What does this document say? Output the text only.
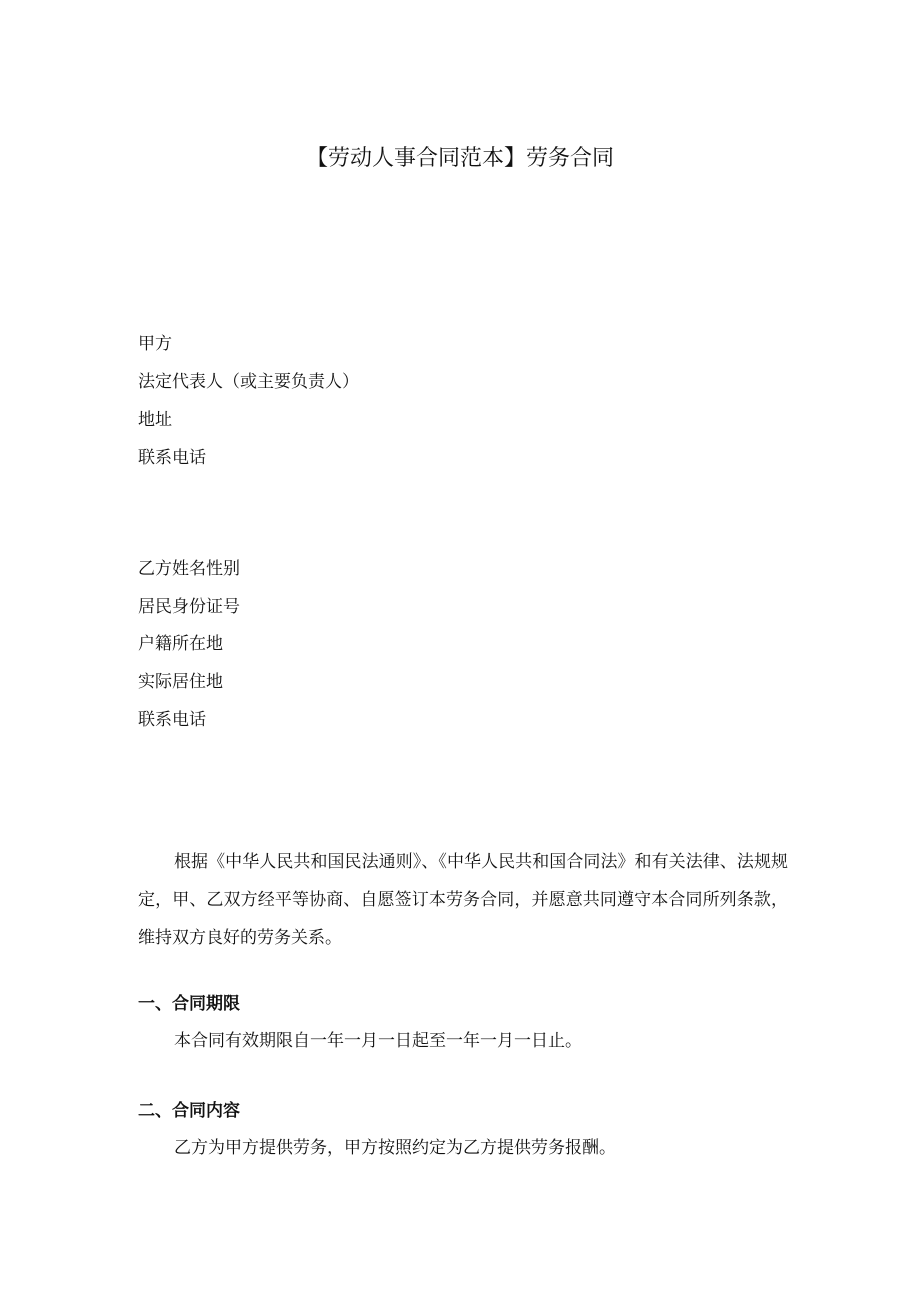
【劳动人事合同范本】劳务合同

甲方

法定代表人（或主要负责人）

地址

联系电话

乙方姓名性别

居民身份证号

户籍所在地

实际居住地

联系电话

根据《中华人民共和国民法通则》、《中华人民共和国合同法》和有关法律、法规规定，甲、乙双方经平等协商、自愿签订本劳务合同，并愿意共同遵守本合同所列条款，维持双方良好的劳务关系。

一、合同期限

本合同有效期限自一年一月一日起至一年一月一日止。

二、合同内容

乙方为甲方提供劳务，甲方按照约定为乙方提供劳务报酬。
